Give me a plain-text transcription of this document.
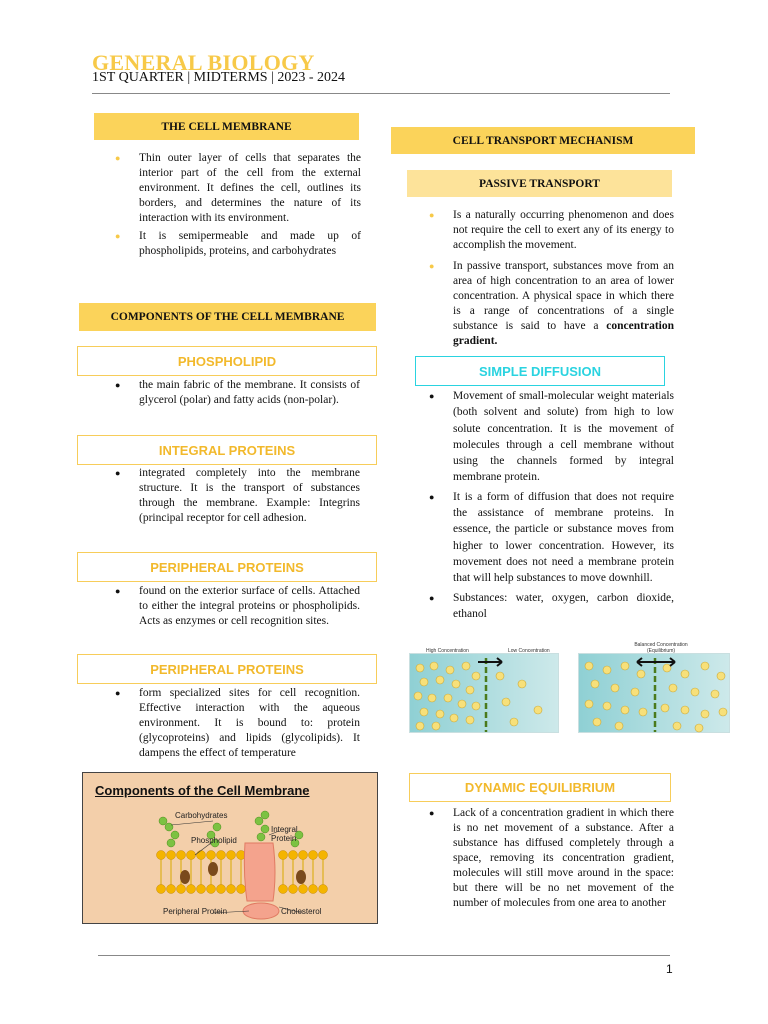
GENERAL BIOLOGY
1ST QUARTER | MIDTERMS | 2023 - 2024
THE CELL MEMBRANE
● Thin outer layer of cells that separates the interior part of the cell from the external environment. It defines the cell, outlines its borders, and determines the nature of its interaction with its environment.
● It is semipermeable and made up of phospholipids, proteins, and carbohydrates
COMPONENTS OF THE CELL MEMBRANE
PHOSPHOLIPID
● the main fabric of the membrane. It consists of glycerol (polar) and fatty acids (non-polar).
INTEGRAL PROTEINS
● integrated completely into the membrane structure. It is the transport of substances through the membrane. Example: Integrins (principal receptor for cell adhesion.
PERIPHERAL PROTEINS
● found on the exterior surface of cells. Attached to either the integral proteins or phospholipids. Acts as enzymes or cell recognition sites.
PERIPHERAL PROTEINS
● form specialized sites for cell recognition. Effective interaction with the aqueous environment. It is bound to: protein (glycoproteins) and lipids (glycolipids). It dampens the effect of temperature
Components of the Cell Membrane
Carbohydrates
Phospholipid
Integral Protein
Peripheral Protein	Cholesterol
CELL TRANSPORT MECHANISM
PASSIVE TRANSPORT
● Is a naturally occurring phenomenon and does not require the cell to exert any of its energy to accomplish the movement.
● In passive transport, substances move from an area of high concentration to an area of lower concentration. A physical space in which there is a range of concentrations of a single substance is said to have a concentration gradient.
SIMPLE DIFFUSION
● Movement of small-molecular weight materials (both solvent and solute) from high to low solute concentration. It is the movement of molecules through a cell membrane without using the channels formed by integral membrane protein.
● It is a form of diffusion that does not require the assistance of membrane proteins. In essence, the particle or substance moves from higher to lower concentration. However, its movement does not need a membrane protein that will help substances to move downhill.
● Substances: water, oxygen, carbon dioxide, ethanol
High Concentration	Low Concentration
Balanced Concentration (Equilibrium)
DYNAMIC EQUILIBRIUM
● Lack of a concentration gradient in which there is no net movement of a substance. After a substance has diffused completely through a space, removing its concentration gradient, molecules will still move around in the space: but there will be no net movement of the number of molecules from one area to another
1
